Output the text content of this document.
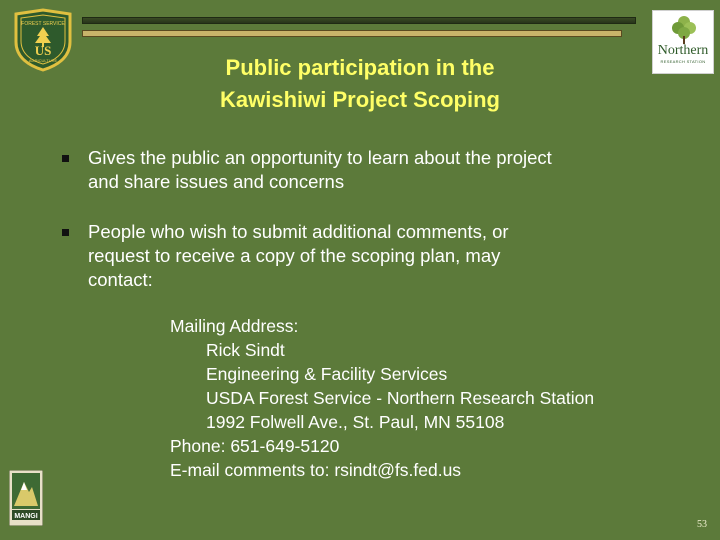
FOREST SERVICE
US
AGRICULTURE
Northern
RESEARCH STATION
Public participation in the
Kawishiwi Project Scoping
Gives the public an opportunity to learn about the project
and share issues and concerns
People who wish to submit additional comments, or
request to receive a copy of the scoping plan, may
contact:
Mailing Address:
Rick Sindt
Engineering & Facility Services
USDA Forest Service - Northern Research Station
1992 Folwell Ave., St. Paul, MN 55108
Phone: 651-649-5120
E-mail comments to: rsindt@fs.fed.us
MANGI
53
